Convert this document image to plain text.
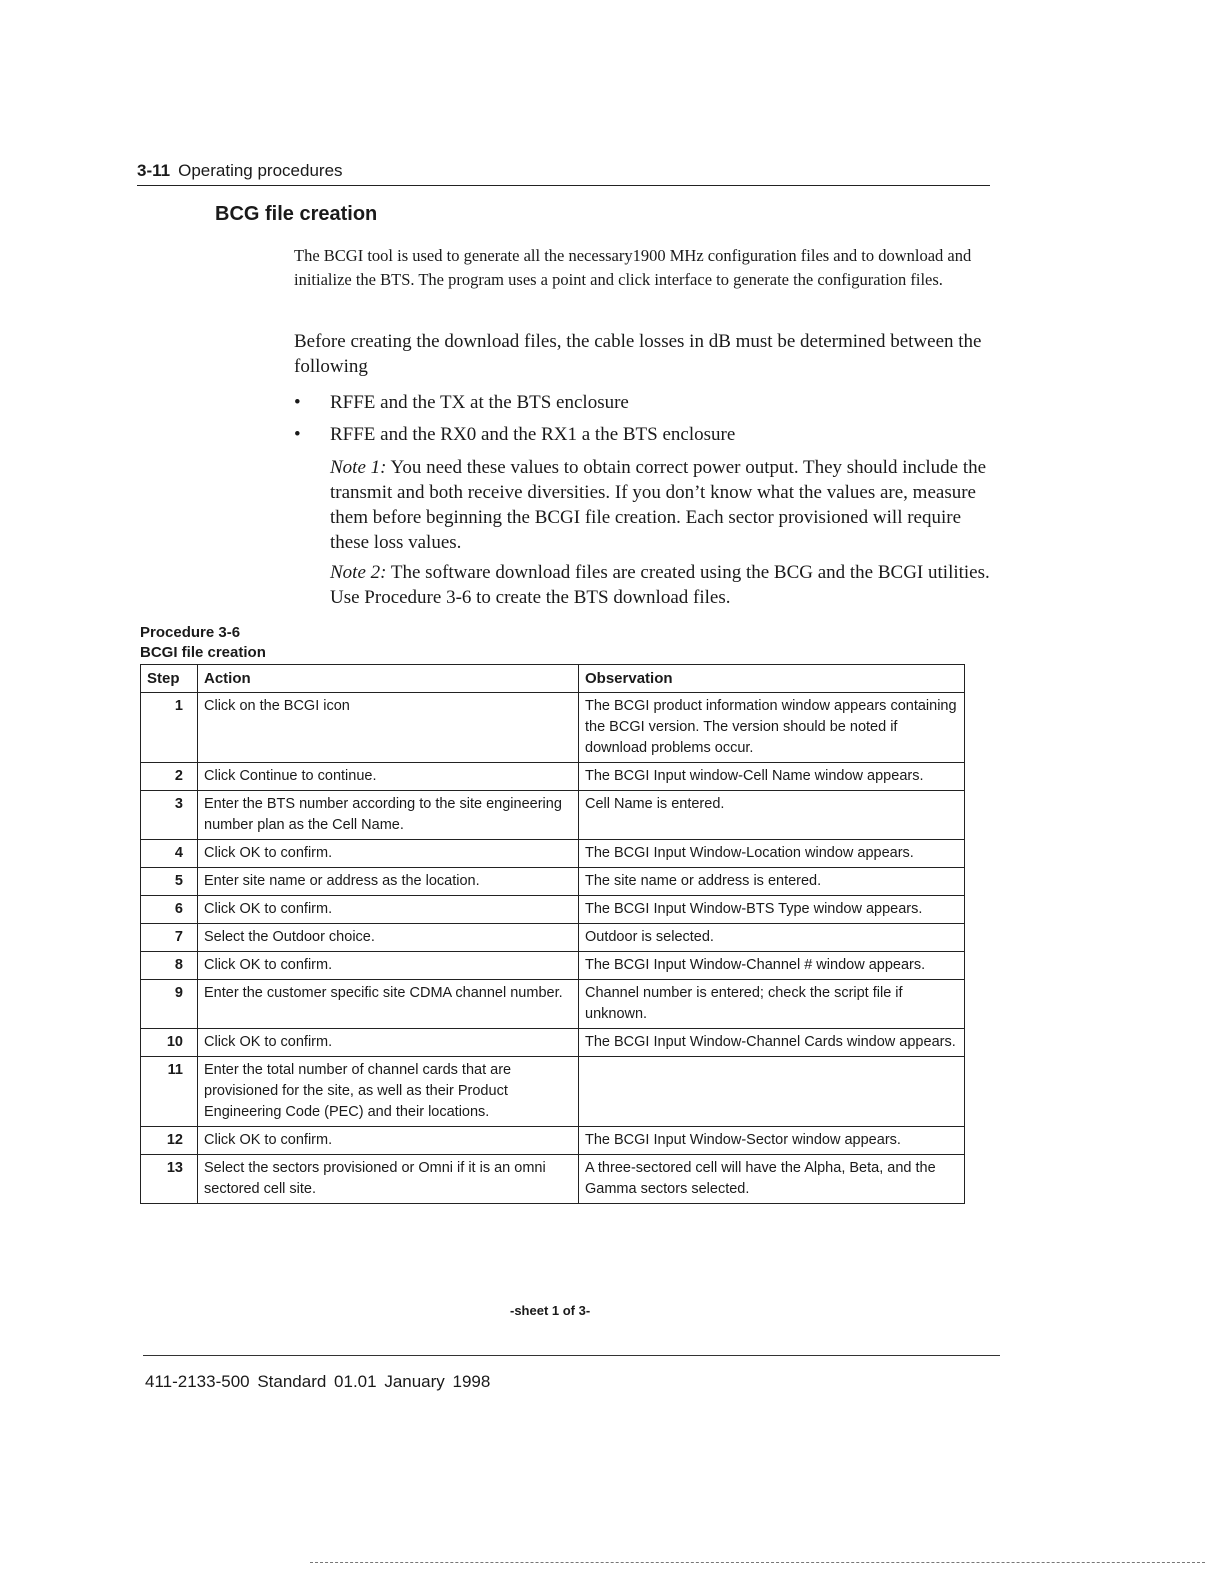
3-11 Operating procedures
BCG file creation
The BCGI tool is used to generate all the necessary1900 MHz configuration files and to download and initialize the BTS. The program uses a point and click interface to generate the configuration files.
Before creating the download files, the cable losses in dB must be determined between the following
• RFFE and the TX at the BTS enclosure
• RFFE and the RX0 and the RX1 a the BTS enclosure
Note 1: You need these values to obtain correct power output. They should include the transmit and both receive diversities. If you don’t know what the values are, measure them before beginning the BCGI file creation. Each sector provisioned will require these loss values.
Note 2: The software download files are created using the BCG and the BCGI utilities. Use Procedure 3-6 to create the BTS download files.
Procedure 3-6
BCGI file creation
Step	Action	Observation
1	Click on the BCGI icon	The BCGI product information window appears containing the BCGI version. The version should be noted if download problems occur.
2	Click Continue to continue.	The BCGI Input window-Cell Name window appears.
3	Enter the BTS number according to the site engineering number plan as the Cell Name.	Cell Name is entered.
4	Click OK to confirm.	The BCGI Input Window-Location window appears.
5	Enter site name or address as the location.	The site name or address is entered.
6	Click OK to confirm.	The BCGI Input Window-BTS Type window appears.
7	Select the Outdoor choice.	Outdoor is selected.
8	Click OK to confirm.	The BCGI Input Window-Channel # window appears.
9	Enter the customer specific site CDMA channel number.	Channel number is entered; check the script file if unknown.
10	Click OK to confirm.	The BCGI Input Window-Channel Cards window appears.
11	Enter the total number of channel cards that are provisioned for the site, as well as their Product Engineering Code (PEC) and their locations.	
12	Click OK to confirm.	The BCGI Input Window-Sector window appears.
13	Select the sectors provisioned or Omni if it is an omni sectored cell site.	A three-sectored cell will have the Alpha, Beta, and the Gamma sectors selected.
-sheet 1 of 3-
411-2133-500 Standard 01.01 January 1998
